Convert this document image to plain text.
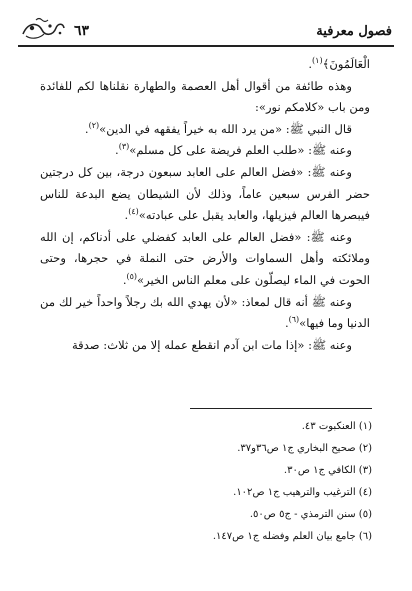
فصول معرفية
٦٣

الْعَالَمُونَ﴾$^{(١)}$.

وهذه طائفة من أقوال أهل العصمة والطهارة نقلناها لكم للفائدة ومن باب «كلامكم نور»:

قال النبي ﷺ: «من يرد الله به خيراً يفقهه في الدين»$^{(٢)}$.

وعنه ﷺ: «طلب العلم فريضة على كل مسلم»$^{(٣)}$.

وعنه ﷺ: «فضل العالم على العابد سبعون درجة، بين كل درجتين حضر الفرس سبعين عاماً، وذلك لأن الشيطان يضع البدعة للناس فيبصرها العالم فيزيلها، والعابد يقبل على عبادته»$^{(٤)}$.

وعنه ﷺ: «فضل العالم على العابد كفضلي على أدناكم، إن الله وملائكته وأهل السماوات والأرض حتى النملة في حجرها، وحتى الحوت في الماء ليصلّون على معلم الناس الخير»$^{(٥)}$.

وعنه ﷺ أنه قال لمعاذ: «لأن يهدي الله بك رجلاً واحداً خير لك من الدنيا وما فيها»$^{(٦)}$.

وعنه ﷺ: «إذا مات ابن آدم انقطع عمله إلا من ثلاث: صدقة

(١) العنكبوت ٤٣.
(٢) صحيح البخاري ج١ ص٣٦و٣٧.
(٣) الكافي ج١ ص٣٠.
(٤) الترغيب والترهيب ج١ ص١٠٢.
(٥) سنن الترمذي - ج٥ ص٥٠.
(٦) جامع بيان العلم وفضله ج١ ص١٤٧.
